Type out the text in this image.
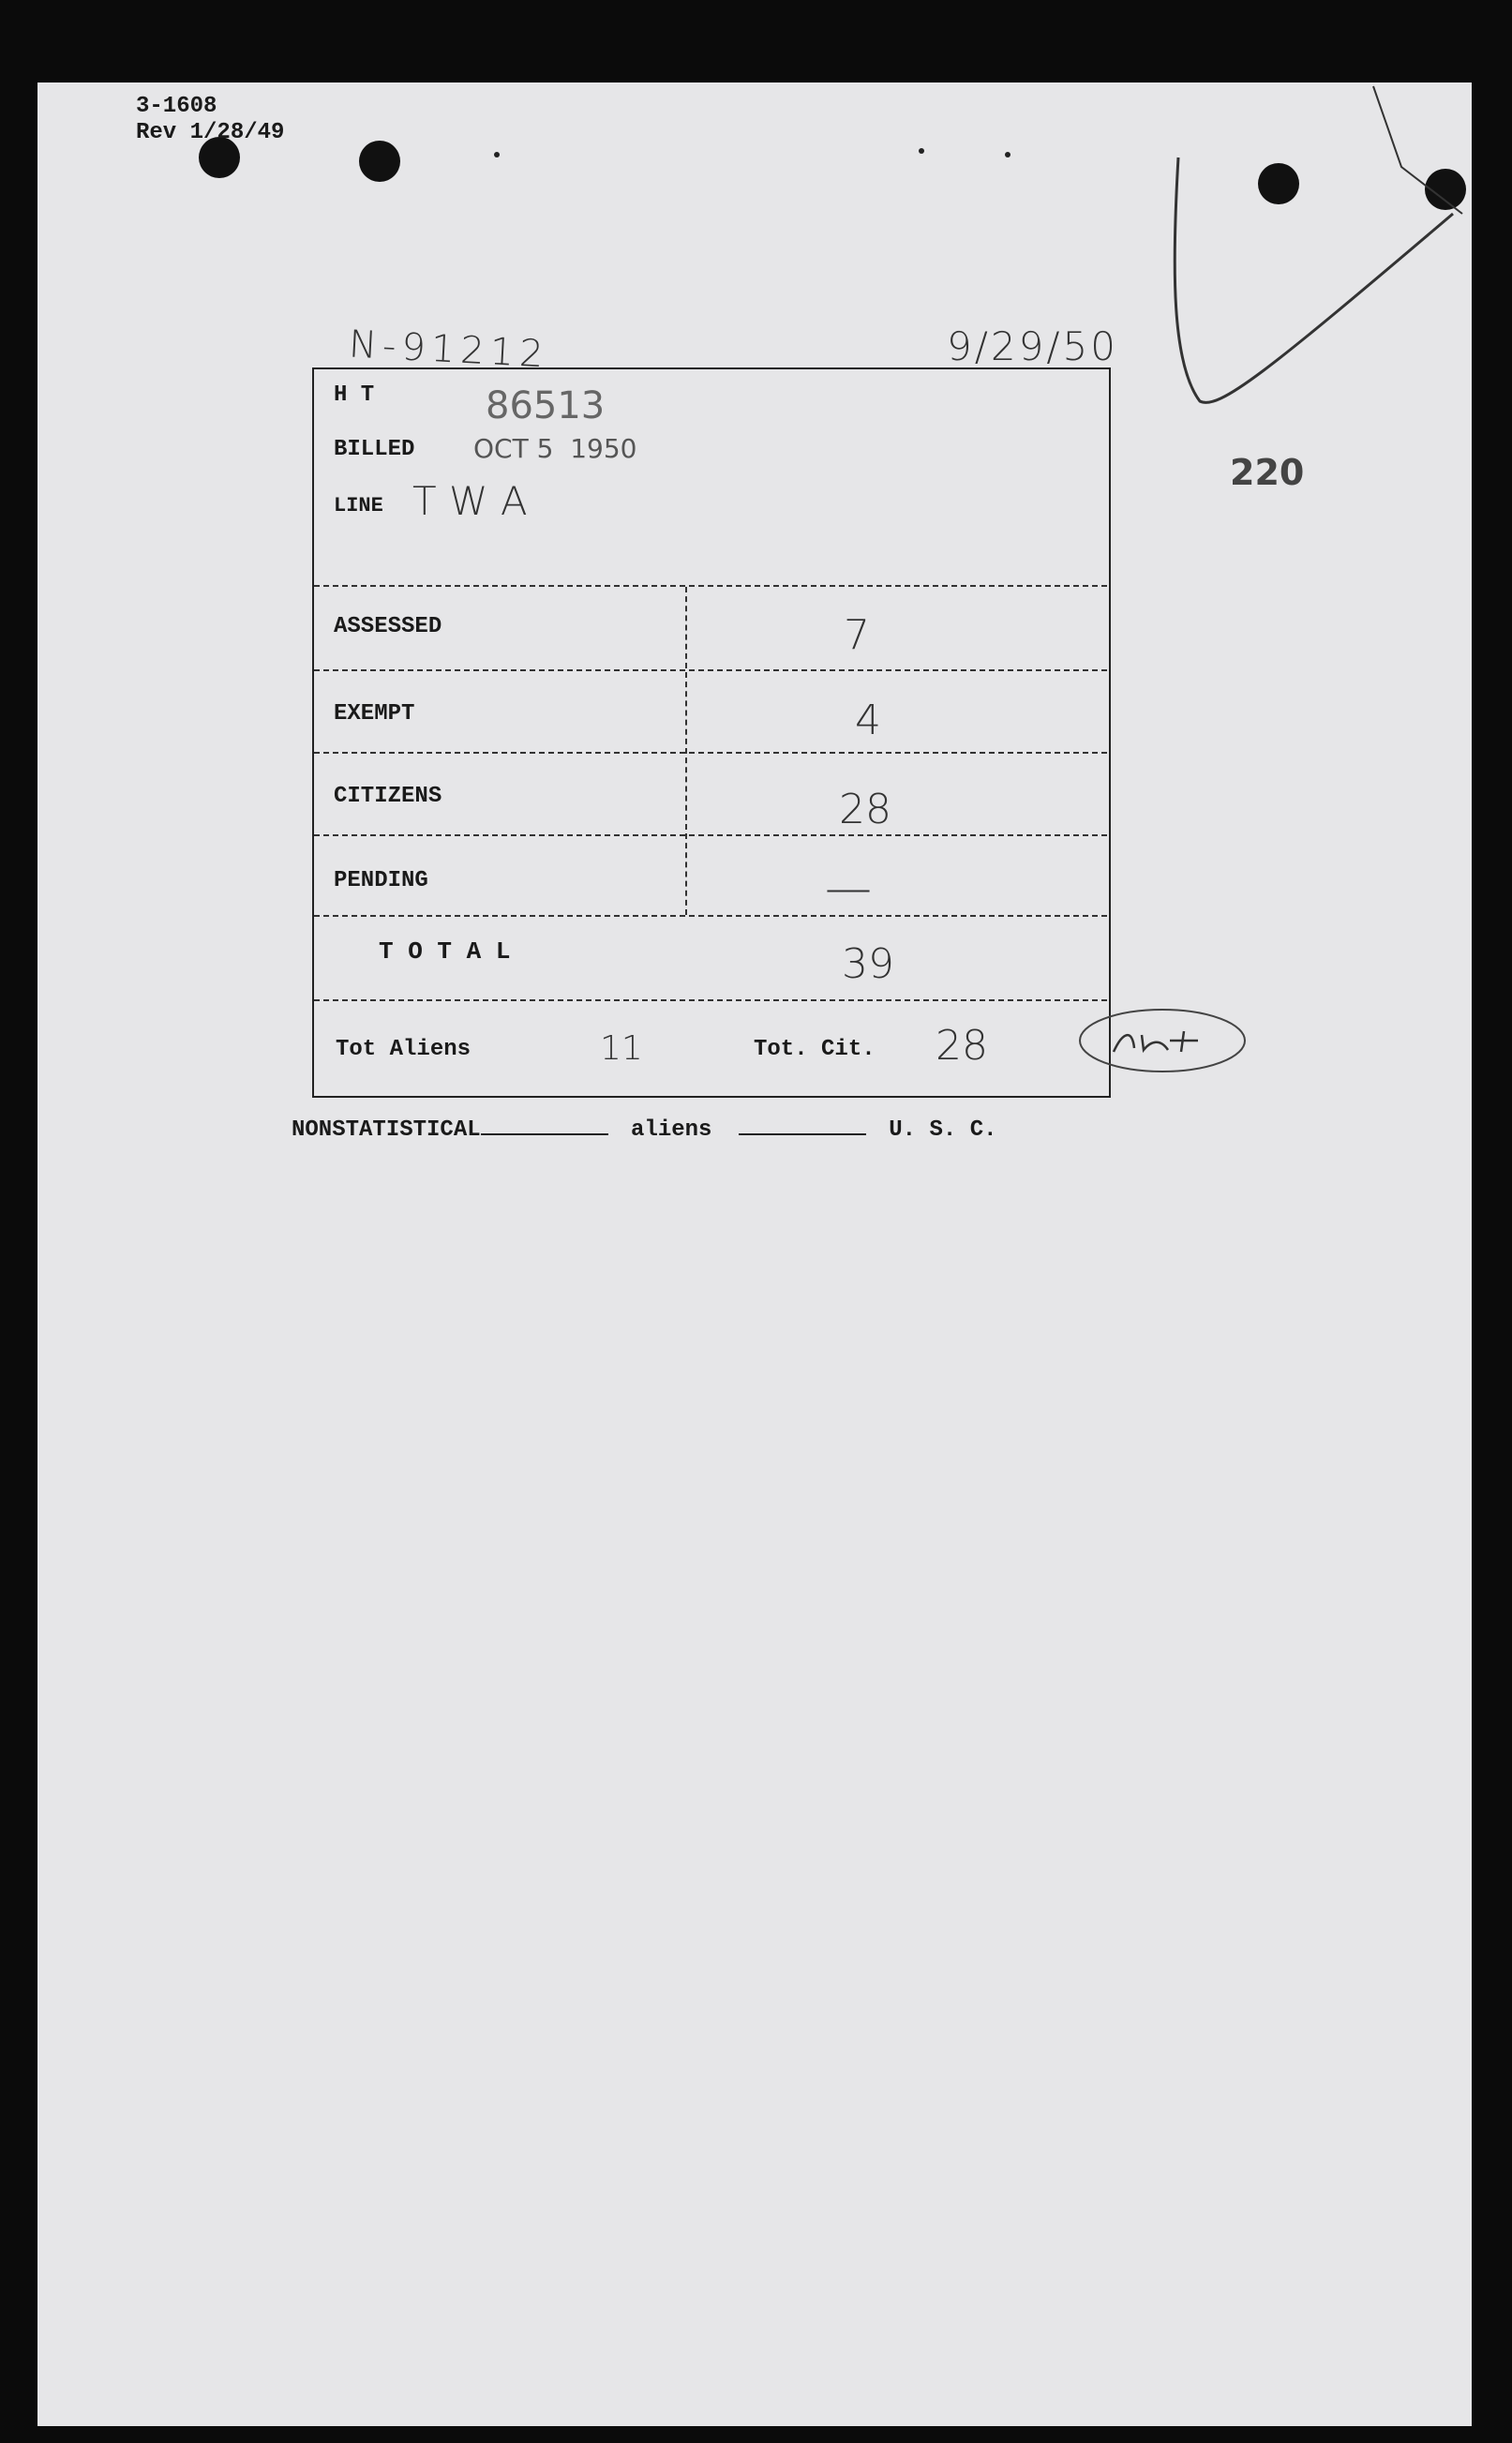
3-1608
Rev 1/28/49
N-91212	9/29/50
220
H T	86513
BILLED OCT 5  1950
LINE T W A
ASSESSED	7
EXEMPT	4
CITIZENS	28
PENDING	—
T O T A L	39
Tot Aliens	11	Tot. Cit. 28
NONSTATISTICAL	aliens	U. S. C.
